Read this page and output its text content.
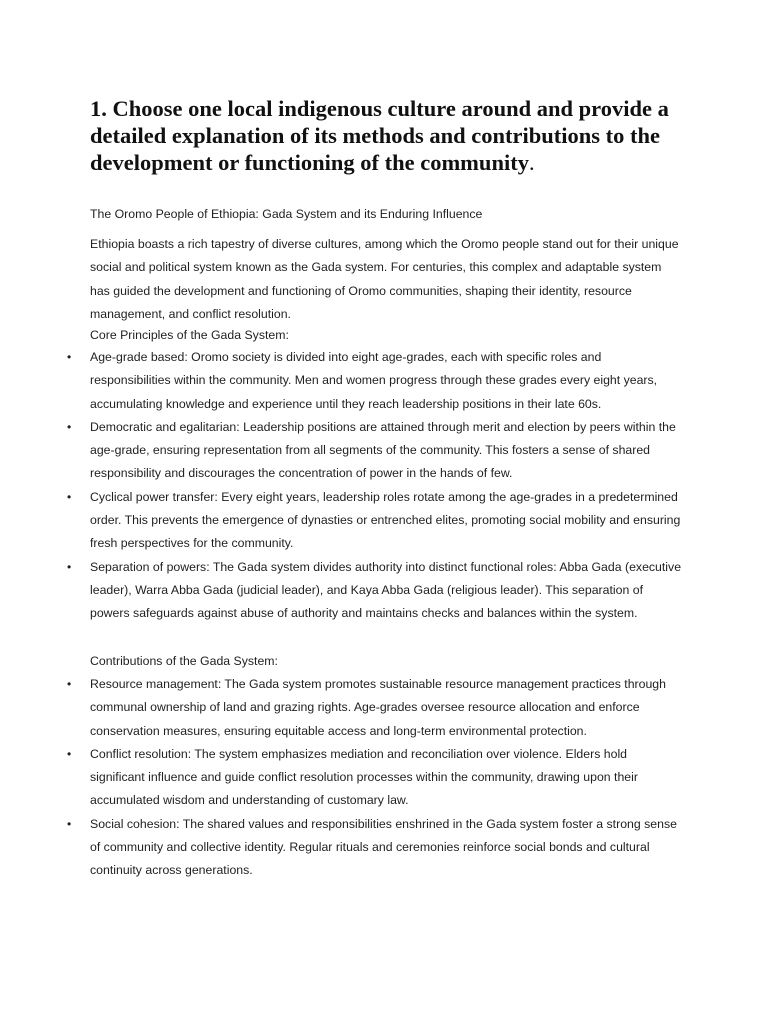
1. Choose one local indigenous culture around and provide a detailed explanation of its methods and contributions to the development or functioning of the community.

The Oromo People of Ethiopia: Gada System and its Enduring Influence

Ethiopia boasts a rich tapestry of diverse cultures, among which the Oromo people stand out for their unique social and political system known as the Gada system. For centuries, this complex and adaptable system has guided the development and functioning of Oromo communities, shaping their identity, resource management, and conflict resolution.

Core Principles of the Gada System:

• Age-grade based: Oromo society is divided into eight age-grades, each with specific roles and responsibilities within the community. Men and women progress through these grades every eight years, accumulating knowledge and experience until they reach leadership positions in their late 60s.
• Democratic and egalitarian: Leadership positions are attained through merit and election by peers within the age-grade, ensuring representation from all segments of the community. This fosters a sense of shared responsibility and discourages the concentration of power in the hands of few.
• Cyclical power transfer: Every eight years, leadership roles rotate among the age-grades in a predetermined order. This prevents the emergence of dynasties or entrenched elites, promoting social mobility and ensuring fresh perspectives for the community.
• Separation of powers: The Gada system divides authority into distinct functional roles: Abba Gada (executive leader), Warra Abba Gada (judicial leader), and Kaya Abba Gada (religious leader). This separation of powers safeguards against abuse of authority and maintains checks and balances within the system.

Contributions of the Gada System:

• Resource management: The Gada system promotes sustainable resource management practices through communal ownership of land and grazing rights. Age-grades oversee resource allocation and enforce conservation measures, ensuring equitable access and long-term environmental protection.
• Conflict resolution: The system emphasizes mediation and reconciliation over violence. Elders hold significant influence and guide conflict resolution processes within the community, drawing upon their accumulated wisdom and understanding of customary law.
• Social cohesion: The shared values and responsibilities enshrined in the Gada system foster a strong sense of community and collective identity. Regular rituals and ceremonies reinforce social bonds and cultural continuity across generations.
